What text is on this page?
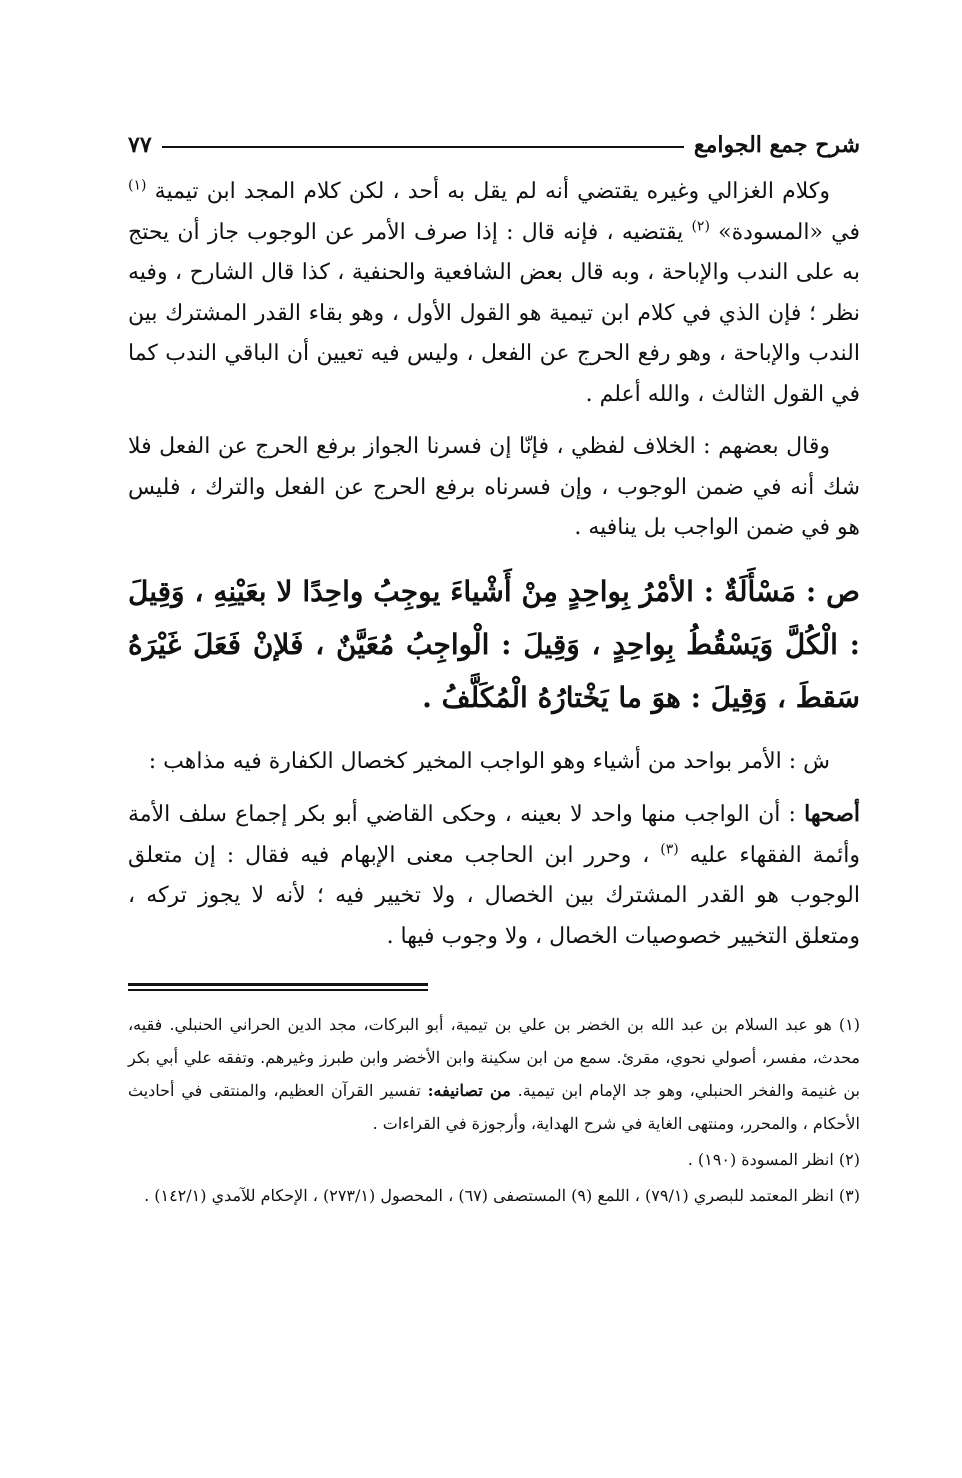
شرح جمع الجوامع
٧٧

وكلام الغزالي وغيره يقتضي أنه لم يقل به أحد ، لكن كلام المجد ابن تيمية $^{(١)}$ في «المسودة» $^{(٢)}$ يقتضيه ، فإنه قال : إذا صرف الأمر عن الوجوب جاز أن يحتج به على الندب والإباحة ، وبه قال بعض الشافعية والحنفية ، كذا قال الشارح ، وفيه نظر ؛ فإن الذي في كلام ابن تيمية هو القول الأول ، وهو بقاء القدر المشترك بين الندب والإباحة ، وهو رفع الحرج عن الفعل ، وليس فيه تعيين أن الباقي الندب كما في القول الثالث ، والله أعلم .

وقال بعضهم : الخلاف لفظي ، فإنّا إن فسرنا الجواز برفع الحرج عن الفعل فلا شك أنه في ضمن الوجوب ، وإن فسرناه برفع الحرج عن الفعل والترك ، فليس هو في ضمن الواجب بل ينافيه .

ص : مَسْأَلَةٌ : الأمْرُ بِواحِدٍ مِنْ أَشْياءَ يوجِبُ واحِدًا لا بعَيْنِهِ ، وَقِيلَ : الْكُلَّ وَيَسْقُطُ بِواحِدٍ ، وَقِيلَ : الْواجِبُ مُعَيَّنٌ ، فَلإنْ فَعَلَ غَيْرَهُ سَقطَ ، وَقِيلَ : هوَ ما يَخْتارُهُ الْمُكَلَّفُ .

ش : الأمر بواحد من أشياء وهو الواجب المخير كخصال الكفارة فيه مذاهب :

أصحها : أن الواجب منها واحد لا بعينه ، وحكى القاضي أبو بكر إجماع سلف الأمة وأئمة الفقهاء عليه $^{(٣)}$ ، وحرر ابن الحاجب معنى الإبهام فيه فقال : إن متعلق الوجوب هو القدر المشترك بين الخصال ، ولا تخيير فيه ؛ لأنه لا يجوز تركه ، ومتعلق التخيير خصوصيات الخصال ، ولا وجوب فيها .

(١) هو عبد السلام بن عبد الله بن الخضر بن علي بن تيمية، أبو البركات، مجد الدين الحراني الحنبلي. فقيه، محدث، مفسر، أصولي نحوي، مقرئ. سمع من ابن سكينة وابن الأخضر وابن طبرز وغيرهم. وتفقه علي أبي بكر بن غنيمة والفخر الحنبلي، وهو جد الإمام ابن تيمية. من تصانيفه: تفسير القرآن العظيم، والمنتقى في أحاديث الأحكام ، والمحرر، ومنتهى الغاية في شرح الهداية، وأرجوزة في القراءات .

(٢) انظر المسودة (١٩٠) .

(٣) انظر المعتمد للبصري (٧٩/١) ، اللمع (٩) المستصفى (٦٧) ، المحصول (٢٧٣/١) ، الإحكام للآمدي (١٤٢/١) .
